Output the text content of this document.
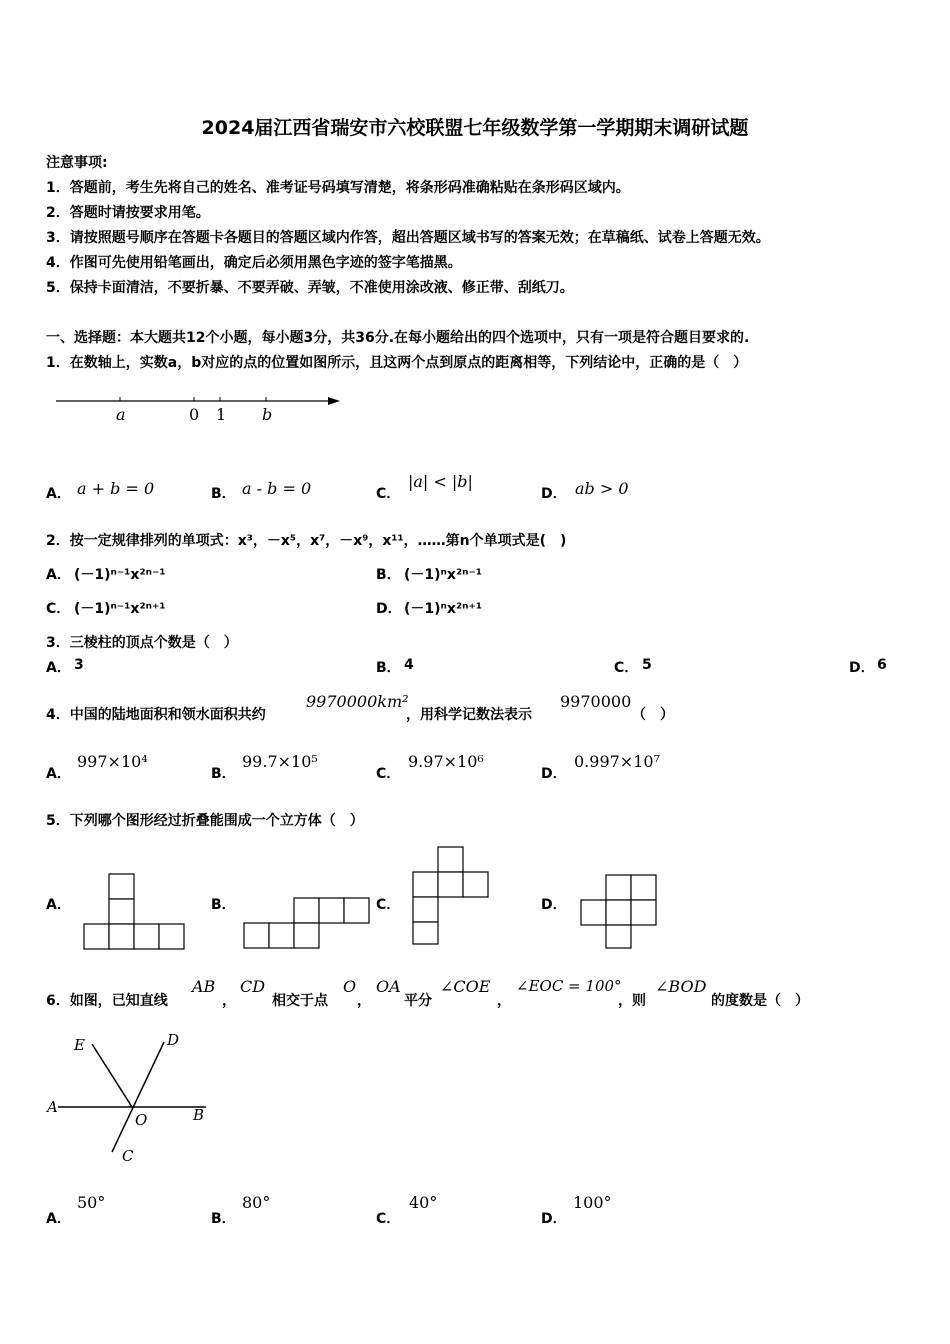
2024届江西省瑞安市六校联盟七年级数学第一学期期末调研试题
注意事项:
1．答题前，考生先将自己的姓名、准考证号码填写清楚，将条形码准确粘贴在条形码区域内。
2．答题时请按要求用笔。
3．请按照题号顺序在答题卡各题目的答题区域内作答，超出答题区域书写的答案无效；在草稿纸、试卷上答题无效。
4．作图可先使用铅笔画出，确定后必须用黑色字迹的签字笔描黑。
5．保持卡面清洁，不要折暴、不要弄破、弄皱，不准使用涂改液、修正带、刮纸刀。
一、选择题：本大题共12个小题，每小题3分，共36分.在每小题给出的四个选项中，只有一项是符合题目要求的.
1．在数轴上，实数a，b对应的点的位置如图所示，且这两个点到原点的距离相等，下列结论中，正确的是（　）
a	0 1 b
A． a + b = 0	B． a - b = 0	C．
|a| < |b|
D． ab > 0
2．按一定规律排列的单项式：x³，－x⁵，x⁷，－x⁹，x¹¹，……第n个单项式是(　)
A． (－1)ⁿ⁻¹x²ⁿ⁻¹	B． (－1)ⁿx²ⁿ⁻¹
C． (－1)ⁿ⁻¹x²ⁿ⁺¹	D． (－1)ⁿx²ⁿ⁺¹
3．三棱柱的顶点个数是（　）
A． 3	B． 4	C． 5	D． 6
4．中国的陆地面积和领水面积共约
9970000km²
，用科学记数法表示
9970000
（　）
A．
997×10⁴
B．
99.7×10⁵
C．
9.97×10⁶
D．
0.997×10⁷
5．下列哪个图形经过折叠能围成一个立方体（　）
A．	B．	C．	D．
6．如图，已知直线
AB
，
CD
相交于点
O
，
OA
平分
∠COE
，
∠EOC = 100°
，则
∠BOD
的度数是（　）
E	D
A
O	B
C
A．
50°
B．
80°
C．
40°
D．
100°
